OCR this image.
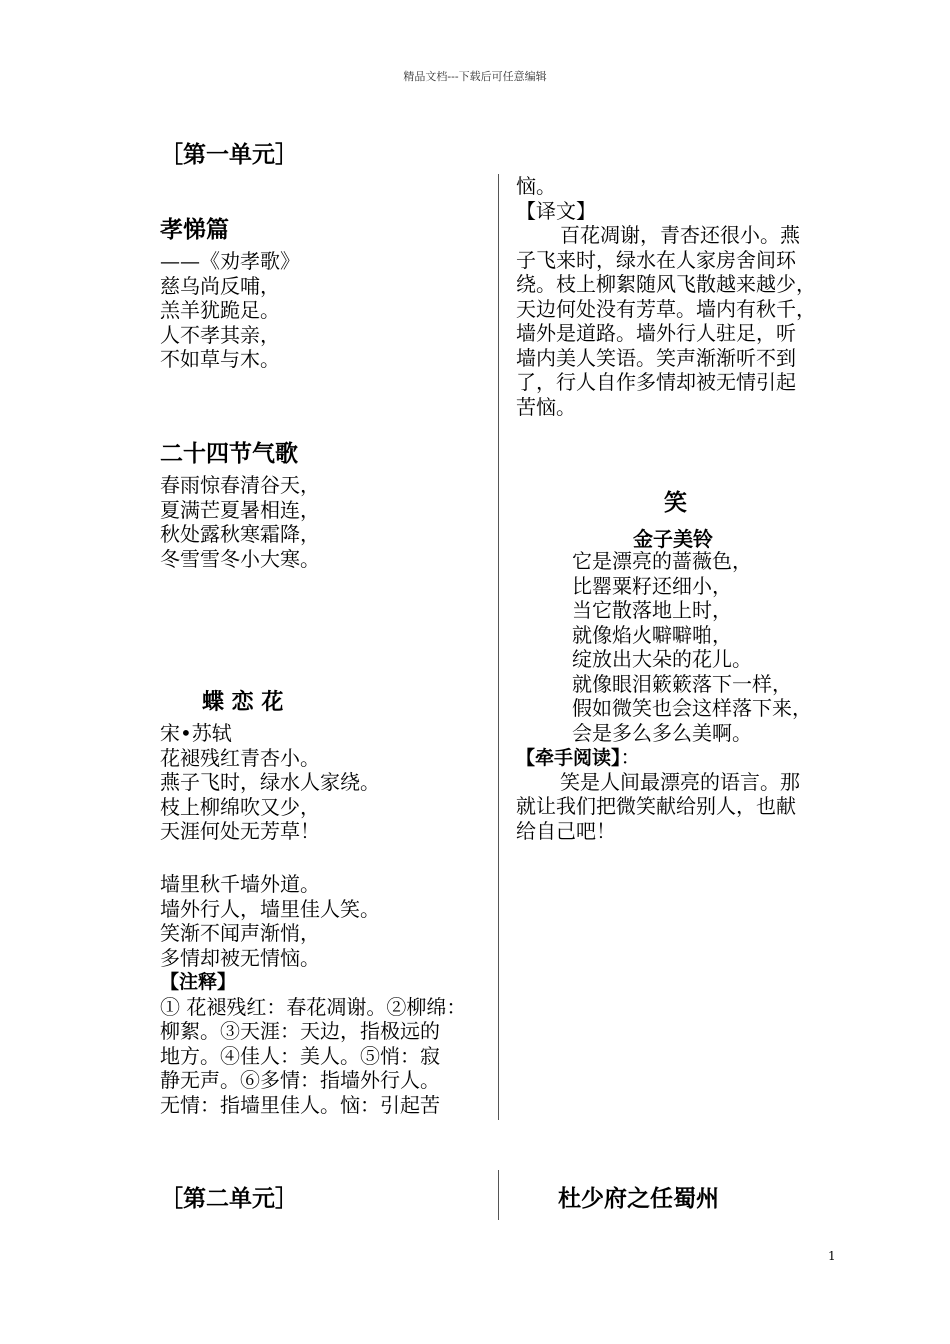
精品文档---下载后可任意编辑
［第一单元］
孝悌篇
——《劝孝歌》
慈乌尚反哺，
羔羊犹跪足。
人不孝其亲，
不如草与木。
二十四节气歌
春雨惊春清谷天，
夏满芒夏暑相连，
秋处露秋寒霜降，
冬雪雪冬小大寒。
蝶 恋 花
宋•苏轼
花褪残红青杏小。
燕子飞时，绿水人家绕。
枝上柳绵吹又少，
天涯何处无芳草！
墙里秋千墙外道。
墙外行人，墙里佳人笑。
笑渐不闻声渐悄，
多情却被无情恼。
【注释】
① 花褪残红：春花凋谢。②柳绵：
柳絮。③天涯：天边，指极远的
地方。④佳人：美人。⑤悄：寂
静无声。⑥多情：指墙外行人。
无情：指墙里佳人。恼：引起苦
［第二单元］
恼。
【译文】
百花凋谢，青杏还很小。燕
子飞来时，绿水在人家房舍间环
绕。枝上柳絮随风飞散越来越少，
天边何处没有芳草。墙内有秋千，
墙外是道路。墙外行人驻足，听
墙内美人笑语。笑声渐渐听不到
了，行人自作多情却被无情引起
苦恼。
笑
金子美铃
它是漂亮的蔷薇色，
比罂粟籽还细小，
当它散落地上时，
就像焰火噼噼啪，
绽放出大朵的花儿。
就像眼泪簌簌落下一样，
假如微笑也会这样落下来，
会是多么多么美啊。
【牵手阅读】：
笑是人间最漂亮的语言。那
就让我们把微笑献给别人，也献
给自己吧！
杜少府之任蜀州
1
